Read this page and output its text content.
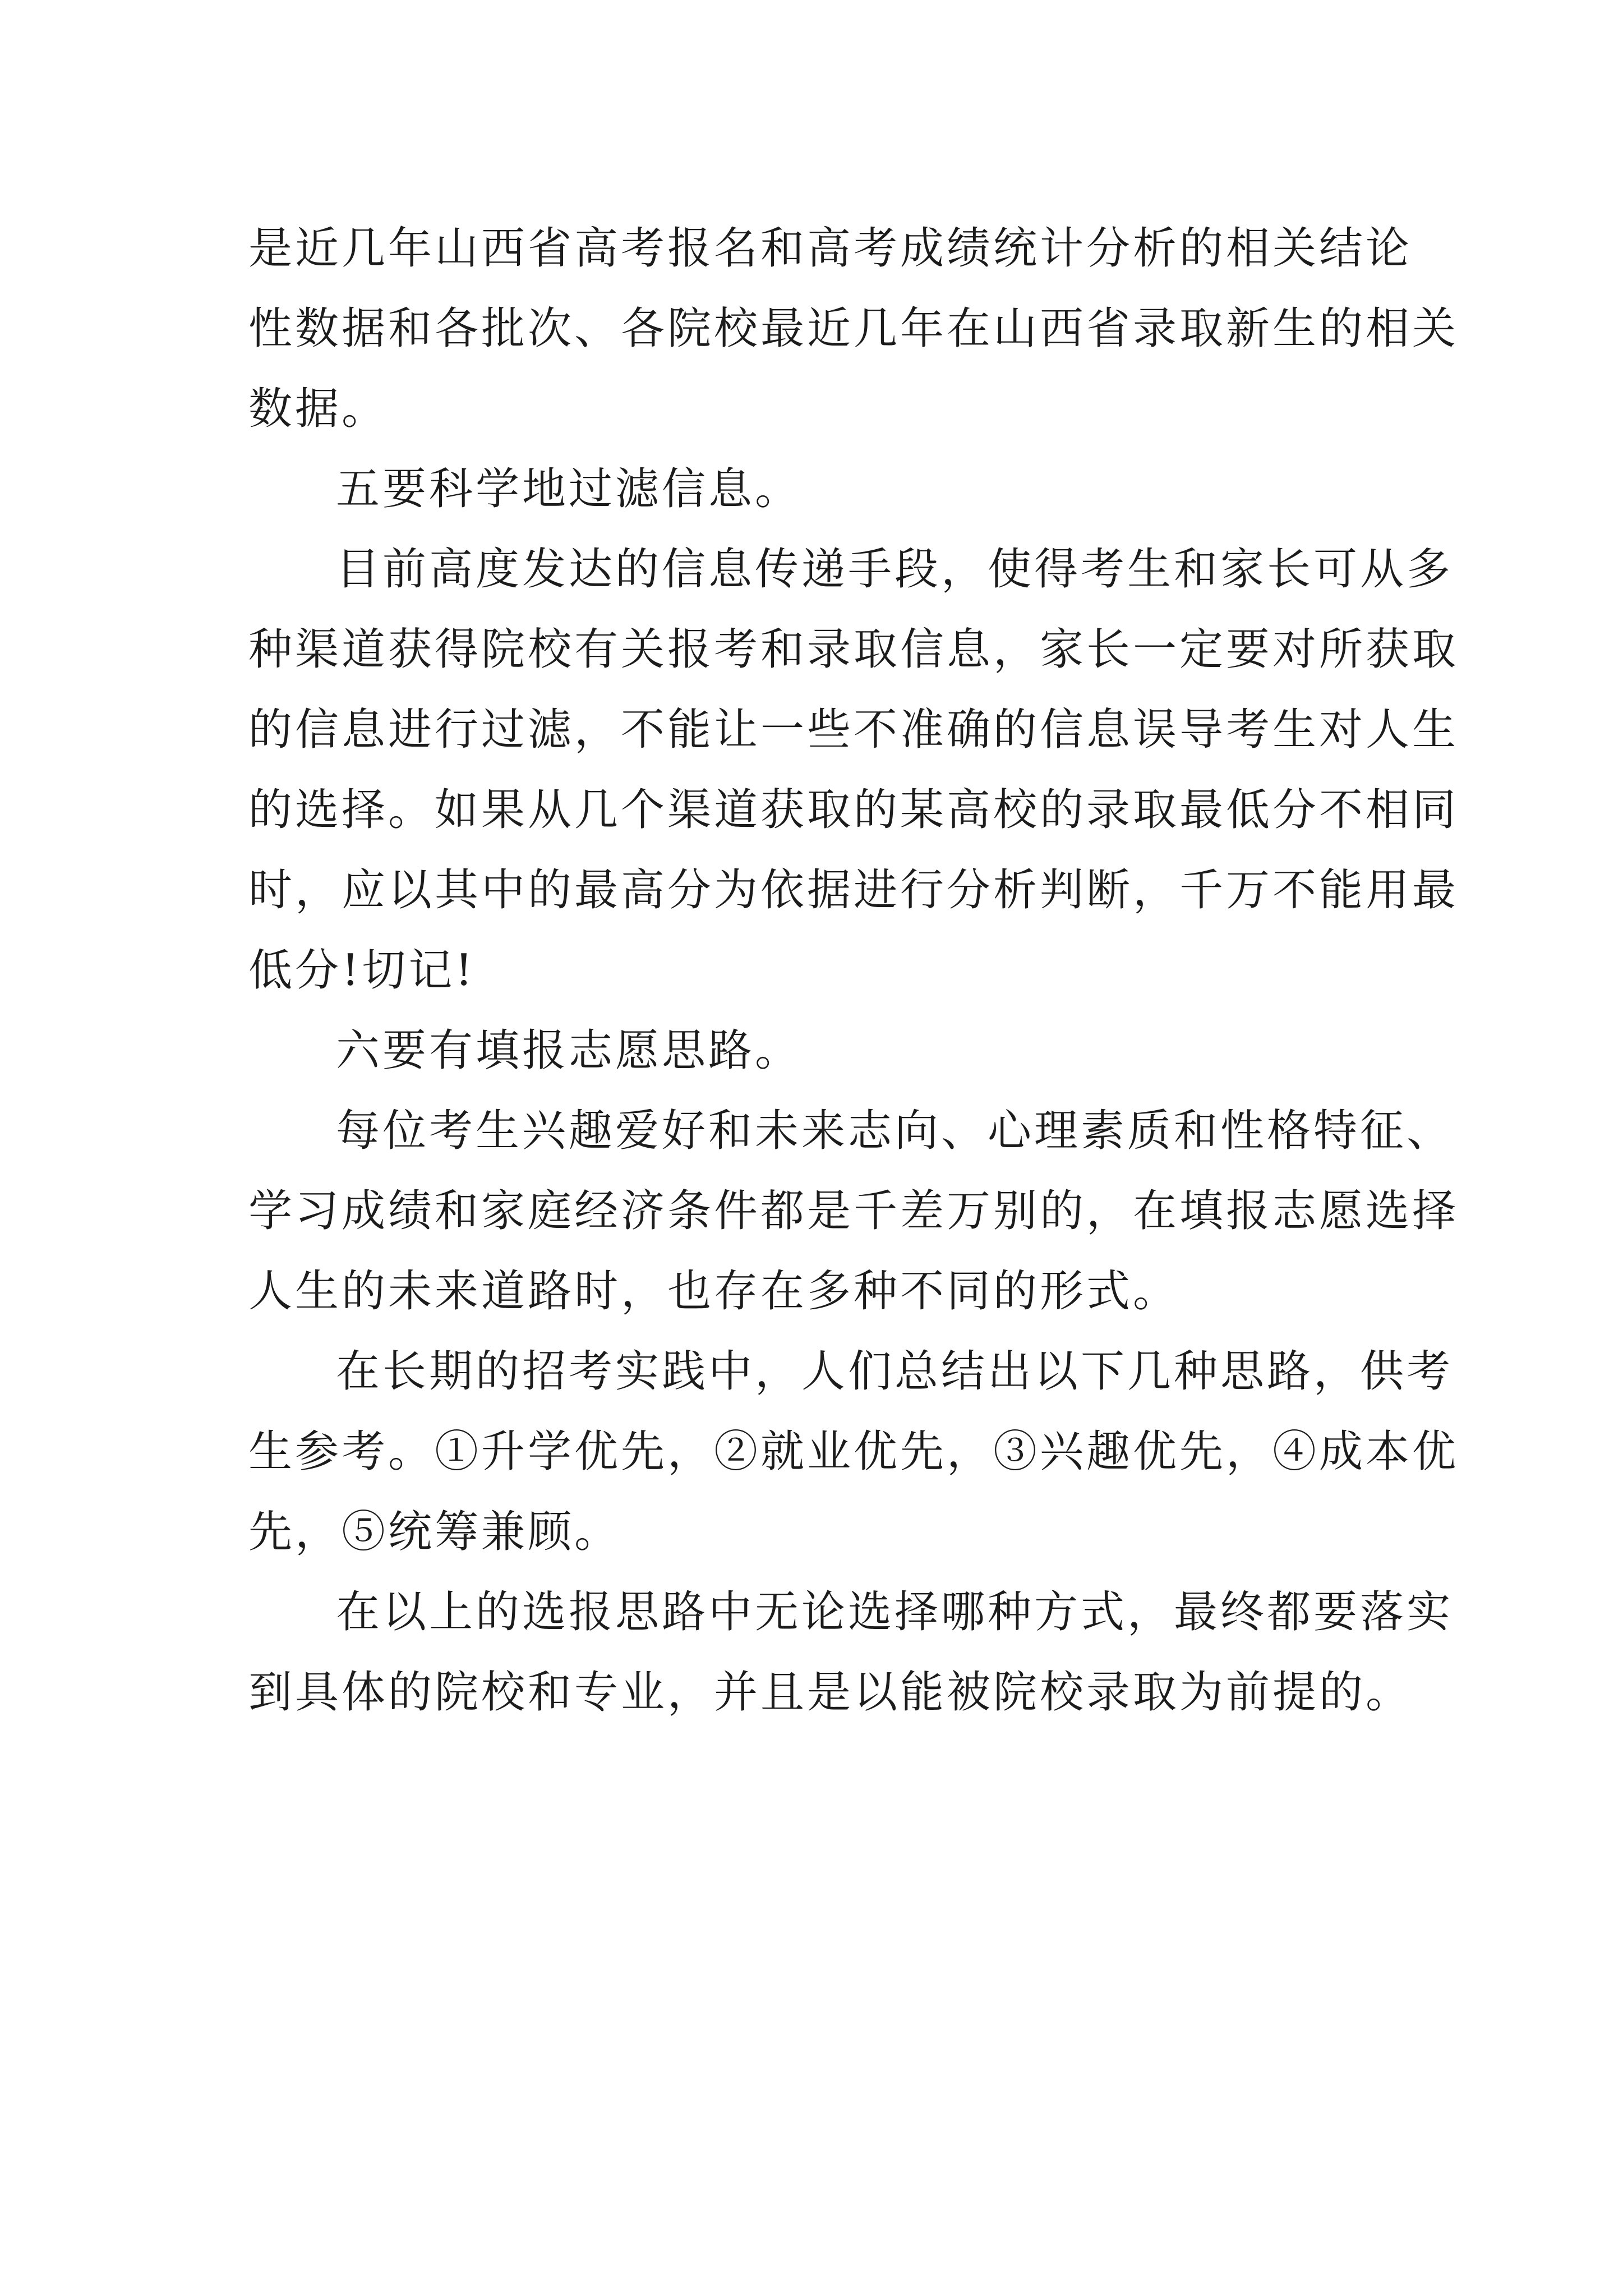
是近几年山西省高考报名和高考成绩统计分析的相关结论
性数据和各批次、各院校最近几年在山西省录取新生的相关
数据。
五要科学地过滤信息。
目前高度发达的信息传递手段，使得考生和家长可从多
种渠道获得院校有关报考和录取信息，家长一定要对所获取
的信息进行过滤，不能让一些不准确的信息误导考生对人生
的选择。如果从几个渠道获取的某高校的录取最低分不相同
时，应以其中的最高分为依据进行分析判断，千万不能用最
低分!切记!
六要有填报志愿思路。
每位考生兴趣爱好和未来志向、心理素质和性格特征、
学习成绩和家庭经济条件都是千差万别的，在填报志愿选择
人生的未来道路时，也存在多种不同的形式。
在长期的招考实践中，人们总结出以下几种思路，供考
生参考。①升学优先，②就业优先，③兴趣优先，④成本优
先，⑤统筹兼顾。
在以上的选报思路中无论选择哪种方式，最终都要落实
到具体的院校和专业，并且是以能被院校录取为前提的。
